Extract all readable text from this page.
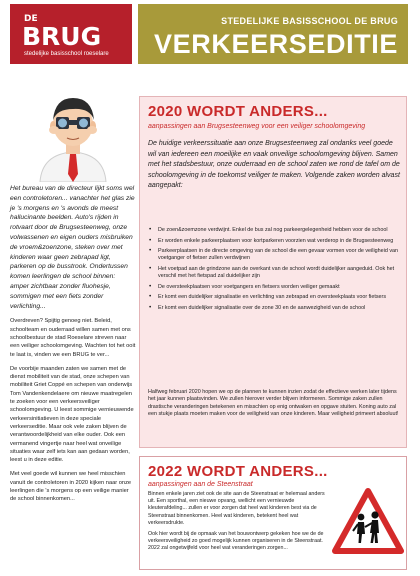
DE
BRUG
stedelijke basisschool roeselare
STEDELIJKE BASISSCHOOL DE BRUG
VERKEERSEDITIE
Het bureau van de directeur lijkt soms wel een controletoren... vanachter het glas zie je 's morgens en 's avonds de meest hallucinante beelden. Auto's rijden in rotvaart door de Brugsesteenweg, onze volwassenen en eigen ouders misbruiken de vroem&zoenzone, steken over met kinderen waar geen zebrapad ligt, parkeren op de busstrook. Ondertussen komen leerlingen de school binnen: amper zichtbaar zonder fluohesje, sommigen met een fiets zonder verlichting...

Overdreven? Spijtig genoeg niet. Beleid, schoolteam en ouderraad willen samen met ons schoolbestuur de stad Roeselare streven naar een veiliger schoolomgeving. Wachten tot het ooit te laat is, vinden we een BRUG te ver...

De voorbije maanden zaten we samen met de dienst mobiliteit van de stad, onze schepen van mobiliteit Griet Coppé en schepen van onderwijs Tom Vandenkendelaere om nieuwe maatregelen te zoeken voor een verkeersveiliger schoolomgeving. U leest sommige vernieuwende verkeersinitiatieven in deze speciale verkeerseditie. Maar ook vele zaken blijven de verantwoordelijkheid van elke ouder. Ook een vermanend vingertje naar heel wat onveilige situaties waar zelf iets kan aan gedaan worden, leest u in deze editie.

Met veel goede wil kunnen we heel misschien vanuit de controletoren in 2020 kijken naar onze leerlingen die 's morgens op een veilige manier de school binnenkomen...

2020 WORDT ANDERS...
aanpassingen aan Brugsesteenweg voor een veiliger schoolomgeving
De huidige verkeerssituatie aan onze Brugsesteenweg zal ondanks veel goede wil van iedereen een moeilijke en vaak onveilige schoolomgeving blijven. Samen met het stadsbestuur, onze ouderraad en de school zaten we rond de tafel om de schoolomgeving in de toekomst veiliger te maken. Volgende zaken worden alvast aangepakt:
• De zoen&zoemzone verdwijnt. Enkel de bus zal nog parkeergelegenheid hebben voor de school
• Er worden enkele parkeerplaatsen voor kortparkeren voorzien wat verderop in de Brugsesteenweg
• Parkeerplaatsen in de directe omgeving van de school die een gevaar vormen voor de veiligheid van voetganger of fietser zullen verdwijnen
• Het voetpad aan de grindzone aan de overkant van de school wordt duidelijker aangeduid. Ook het verschil met het fietspad zal duidelijker zijn
• De oversteekplaatsen voor voetgangers en fietsers worden veiliger gemaakt
• Er komt een duidelijker signalisatie en verlichting van zebrapad en oversteekplaats voor fietsers
• Er komt een duidelijker signalisatie over de zone 30 en de aanwezigheid van de school
Halfweg februari 2020 hopen we op de plannen te kunnen inzien zodat de effectieve werken later tijdens het jaar kunnen plaatsvinden. We zullen hierover verder blijven informeren. Sommige zaken zullen drastische veranderingen betekenen en misschien op enig ontwaken en opgave stuiten. Koning auto zal een stukje plaats moeten maken voor de veiligheid van onze kinderen. Maar veiligheid primeert absoluut!
2022 WORDT ANDERS...
aanpassingen aan de Steenstraat

Binnen enkele jaren ziet ook de site aan de Steenstraat er helemaal anders uit. Een sporthal, een nieuwe opvang, wellicht een vernieuwde kleuterafdeling... zullen er voor zorgen dat heel wat kinderen best via de Steenstraat binnenkomen. Heel wat kinderen, betekent heel wat verkeersdrukte.

Ook hier wordt bij de opmaak van het bouwontwerp gekeken hoe we de de verkeersveiligheid zo goed mogelijk kunnen organiseren in de Steenstraat. 2022 zal ongetwijfeld voor heel wat veranderingen zorgen...
